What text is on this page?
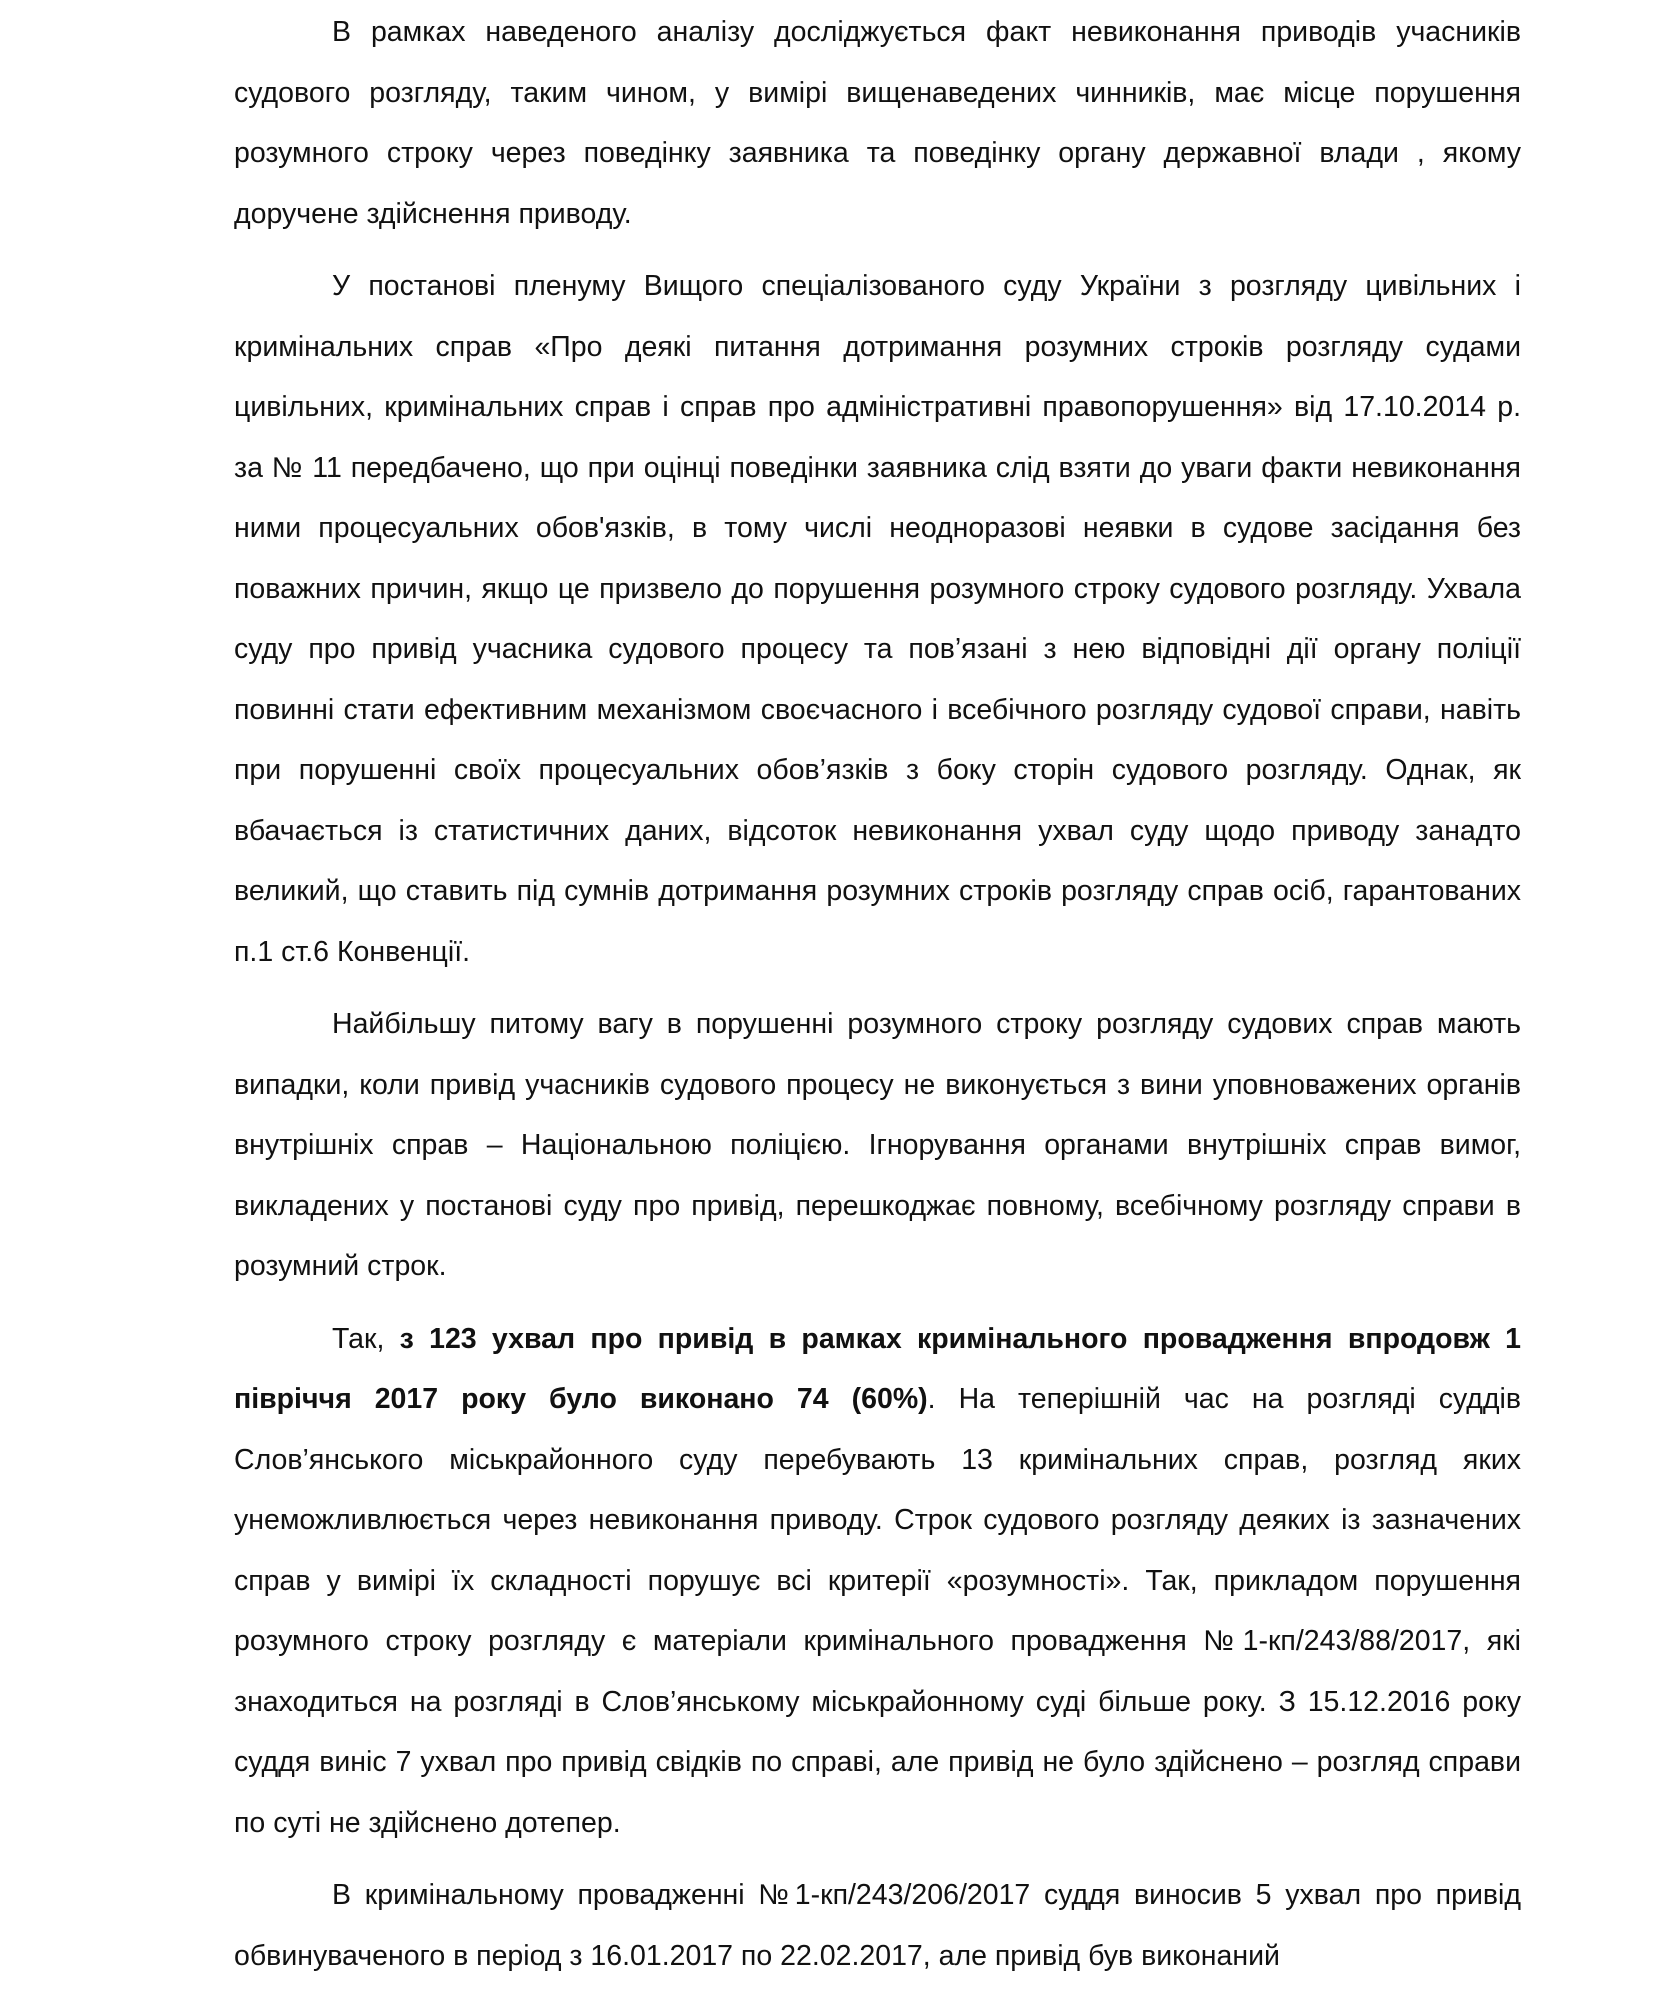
В рамках наведеного аналізу досліджується факт невиконання приводів учасників судового розгляду, таким чином, у вимірі вищенаведених чинників, має місце порушення розумного строку через поведінку заявника та поведінку органу державної влади , якому доручене здійснення приводу.

У постанові пленуму Вищого спеціалізованого суду України з розгляду цивільних і кримінальних справ «Про деякі питання дотримання розумних строків розгляду судами цивільних, кримінальних справ і справ про адміністративні правопорушення» від 17.10.2014 р. за № 11 передбачено, що при оцінці поведінки заявника слід взяти до уваги факти невиконання ними процесуальних обов'язків, в тому числі неодноразові неявки в судове засідання без поважних причин, якщо це призвело до порушення розумного строку судового розгляду. Ухвала суду про привід учасника судового процесу та пов’язані з нею відповідні дії органу поліції повинні стати ефективним механізмом своєчасного і всебічного розгляду судової справи, навіть при порушенні своїх процесуальних обов’язків з боку сторін судового розгляду. Однак, як вбачається із статистичних даних, відсоток невиконання ухвал суду щодо приводу занадто великий, що ставить під сумнів дотримання розумних строків розгляду справ осіб, гарантованих п.1 ст.6 Конвенції.

Найбільшу питому вагу в порушенні розумного строку розгляду судових справ мають випадки, коли привід учасників судового процесу не виконується з вини уповноважених органів внутрішніх справ – Національною поліцією. Ігнорування органами внутрішніх справ вимог, викладених у постанові суду про привід, перешкоджає повному, всебічному розгляду справи в розумний строк.

Так, з 123 ухвал про привід в рамках кримінального провадження впродовж 1 півріччя 2017 року було виконано 74 (60%). На теперішній час на розгляді суддів Слов’янського міськрайонного суду перебувають 13 кримінальних справ, розгляд яких унеможливлюється через невиконання приводу. Строк судового розгляду деяких із зазначених справ у вимірі їх складності порушує всі критерії «розумності». Так, прикладом порушення розумного строку розгляду є матеріали кримінального провадження №1-кп/243/88/2017, які знаходиться на розгляді в Слов’янському міськрайонному суді більше року. З 15.12.2016 року суддя виніс 7 ухвал про привід свідків по справі, але привід не було здійснено – розгляд справи по суті не здійснено дотепер.

В кримінальному провадженні №1-кп/243/206/2017 суддя виносив 5 ухвал про привід обвинуваченого в період з 16.01.2017 по 22.02.2017, але привід був виконаний
